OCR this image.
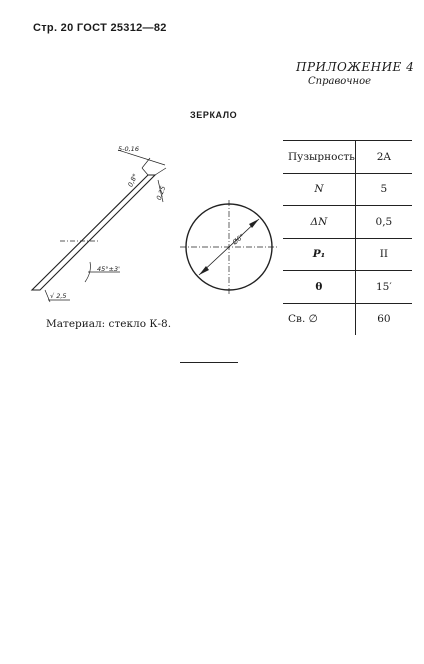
Стр. 20 ГОСТ 25312—82
ПРИЛОЖЕНИЕ 4
Справочное
ЗЕРКАЛО
5-0,16
0,8*
0,25
45°±3'
√ 2,5
Ø6*
Материал: стекло К-8.
Пузырность	2A
N	5
ΔN	0,5
P₁	II
θ	15′
Св. ∅	60
